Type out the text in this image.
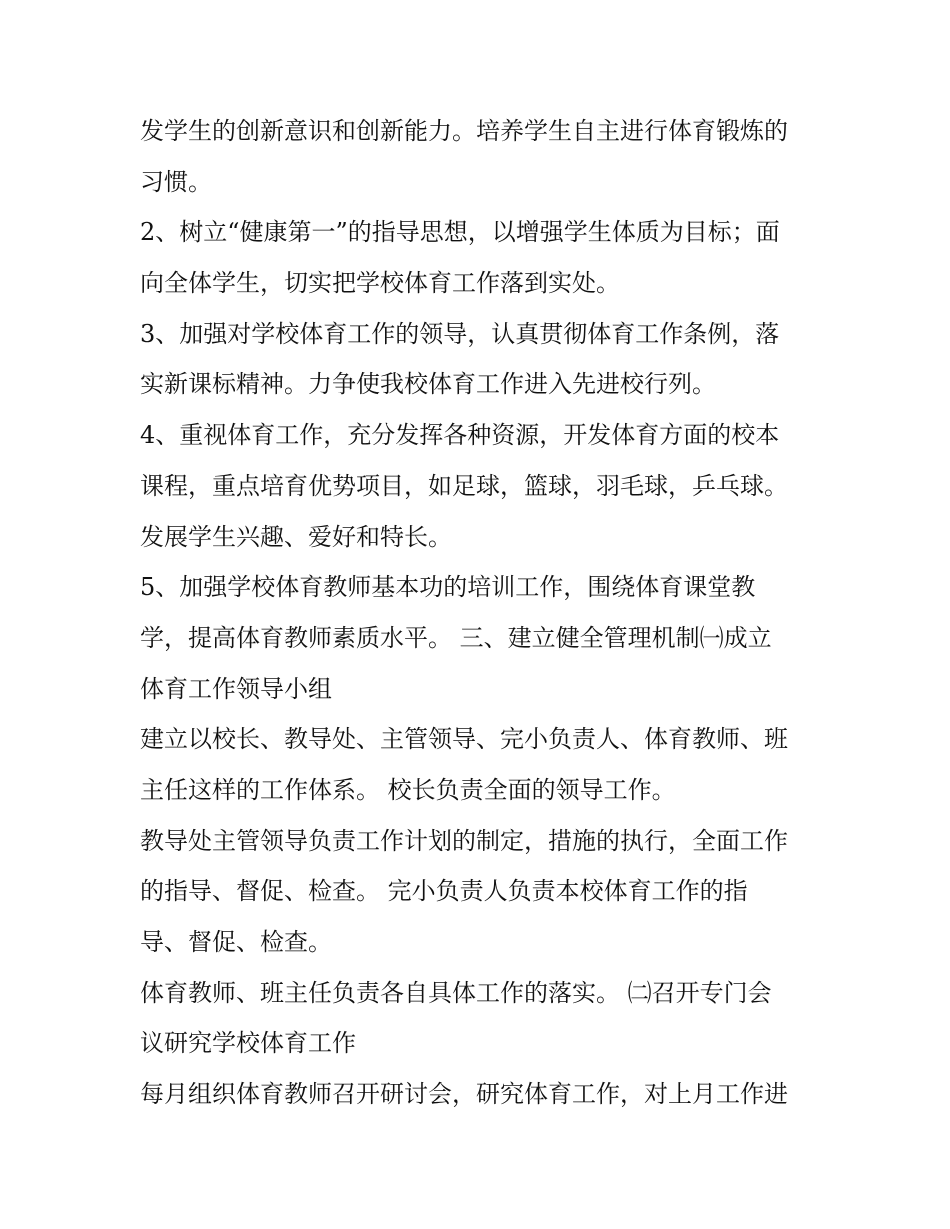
发学生的创新意识和创新能力。培养学生自主进行体育锻炼的
习惯。
2、树立“健康第一”的指导思想，以增强学生体质为目标；面
向全体学生，切实把学校体育工作落到实处。
3、加强对学校体育工作的领导，认真贯彻体育工作条例，落
实新课标精神。力争使我校体育工作进入先进校行列。
4、重视体育工作，充分发挥各种资源，开发体育方面的校本
课程，重点培育优势项目，如足球，篮球，羽毛球，乒乓球。
发展学生兴趣、爱好和特长。
5、加强学校体育教师基本功的培训工作，围绕体育课堂教
学，提高体育教师素质水平。 三、建立健全管理机制㈠成立
体育工作领导小组
建立以校长、教导处、主管领导、完小负责人、体育教师、班
主任这样的工作体系。 校长负责全面的领导工作。
教导处主管领导负责工作计划的制定，措施的执行，全面工作
的指导、督促、检查。 完小负责人负责本校体育工作的指
导、督促、检查。
体育教师、班主任负责各自具体工作的落实。 ㈡召开专门会
议研究学校体育工作
每月组织体育教师召开研讨会，研究体育工作，对上月工作进
